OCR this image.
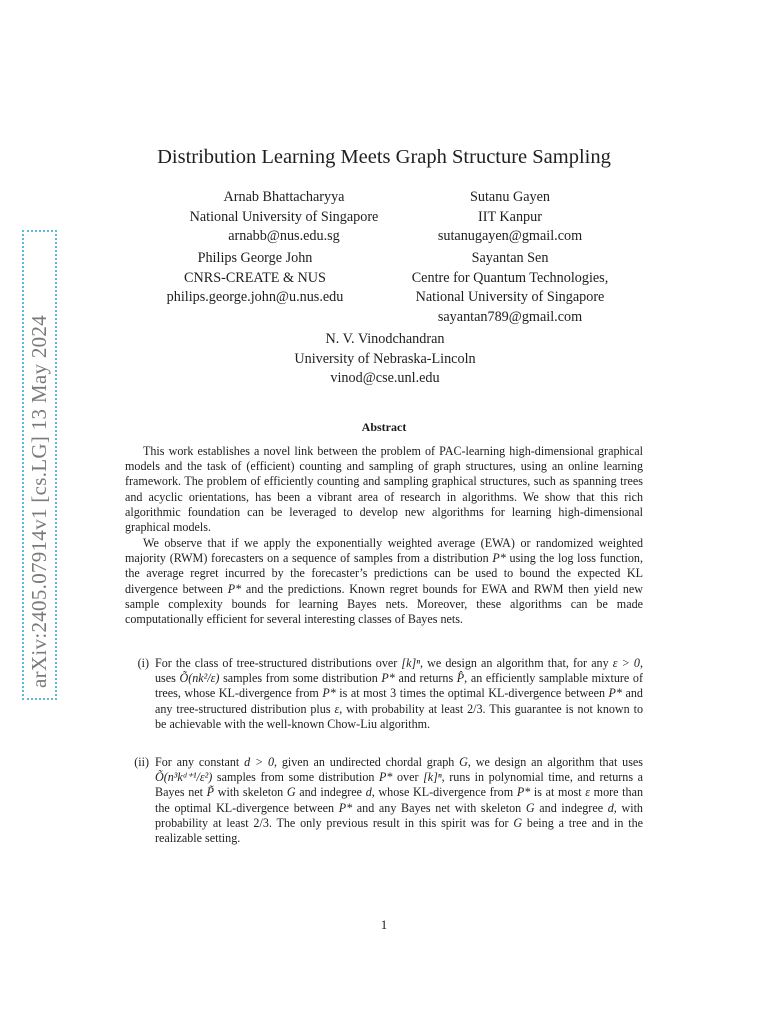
arXiv:2405.07914v1 [cs.LG] 13 May 2024
Distribution Learning Meets Graph Structure Sampling
Arnab Bhattacharyya
National University of Singapore
arnabb@nus.edu.sg
Sutanu Gayen
IIT Kanpur
sutanugayen@gmail.com
Philips George John
CNRS-CREATE & NUS
philips.george.john@u.nus.edu
Sayantan Sen
Centre for Quantum Technologies,
National University of Singapore
sayantan789@gmail.com
N. V. Vinodchandran
University of Nebraska-Lincoln
vinod@cse.unl.edu
Abstract

This work establishes a novel link between the problem of PAC-learning high-dimensional graphical models and the task of (efficient) counting and sampling of graph structures, using an online learning framework. The problem of efficiently counting and sampling graphical structures, such as spanning trees and acyclic orientations, has been a vibrant area of research in algorithms. We show that this rich algorithmic foundation can be leveraged to develop new algorithms for learning high-dimensional graphical models.

We observe that if we apply the exponentially weighted average (EWA) or randomized weighted majority (RWM) forecasters on a sequence of samples from a distribution P* using the log loss function, the average regret incurred by the forecaster’s predictions can be used to bound the expected KL divergence between P* and the predictions. Known regret bounds for EWA and RWM then yield new sample complexity bounds for learning Bayes nets. Moreover, these algorithms can be made computationally efficient for several interesting classes of Bayes nets.

(i) For the class of tree-structured distributions over [k]ⁿ, we design an algorithm that, for any ε > 0, uses Õ(nk²/ε) samples from some distribution P* and returns P̂, an efficiently samplable mixture of trees, whose KL-divergence from P* is at most 3 times the optimal KL-divergence between P* and any tree-structured distribution plus ε, with probability at least 2/3. This guarantee is not known to be achievable with the well-known Chow-Liu algorithm.

(ii) For any constant d > 0, given an undirected chordal graph G, we design an algorithm that uses Õ(n³kᵈ⁺¹/ε²) samples from some distribution P* over [k]ⁿ, runs in polynomial time, and returns a Bayes net P̃ with skeleton G and indegree d, whose KL-divergence from P* is at most ε more than the optimal KL-divergence between P* and any Bayes net with skeleton G and indegree d, with probability at least 2/3. The only previous result in this spirit was for G being a tree and in the realizable setting.

1
